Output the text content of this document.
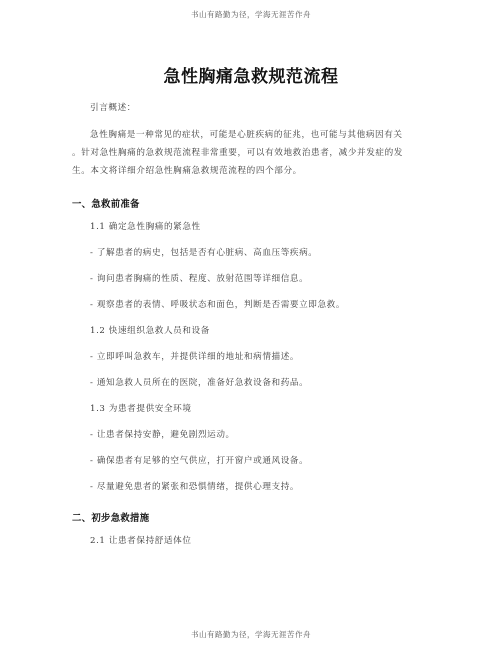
书山有路勤为径，学海无涯苦作舟
急性胸痛急救规范流程
引言概述：
急性胸痛是一种常见的症状，可能是心脏疾病的征兆，也可能与其他病因有关
。针对急性胸痛的急救规范流程非常重要，可以有效地救治患者，减少并发症的发
生。本文将详细介绍急性胸痛急救规范流程的四个部分。
一、急救前准备
1.1 确定急性胸痛的紧急性
- 了解患者的病史，包括是否有心脏病、高血压等疾病。
- 询问患者胸痛的性质、程度、放射范围等详细信息。
- 观察患者的表情、呼吸状态和面色，判断是否需要立即急救。
1.2 快速组织急救人员和设备
- 立即呼叫急救车，并提供详细的地址和病情描述。
- 通知急救人员所在的医院，准备好急救设备和药品。
1.3 为患者提供安全环境
- 让患者保持安静，避免剧烈运动。
- 确保患者有足够的空气供应，打开窗户或通风设备。
- 尽量避免患者的紧张和恐惧情绪，提供心理支持。
二、初步急救措施
2.1 让患者保持舒适体位
书山有路勤为径，学海无涯苦作舟
